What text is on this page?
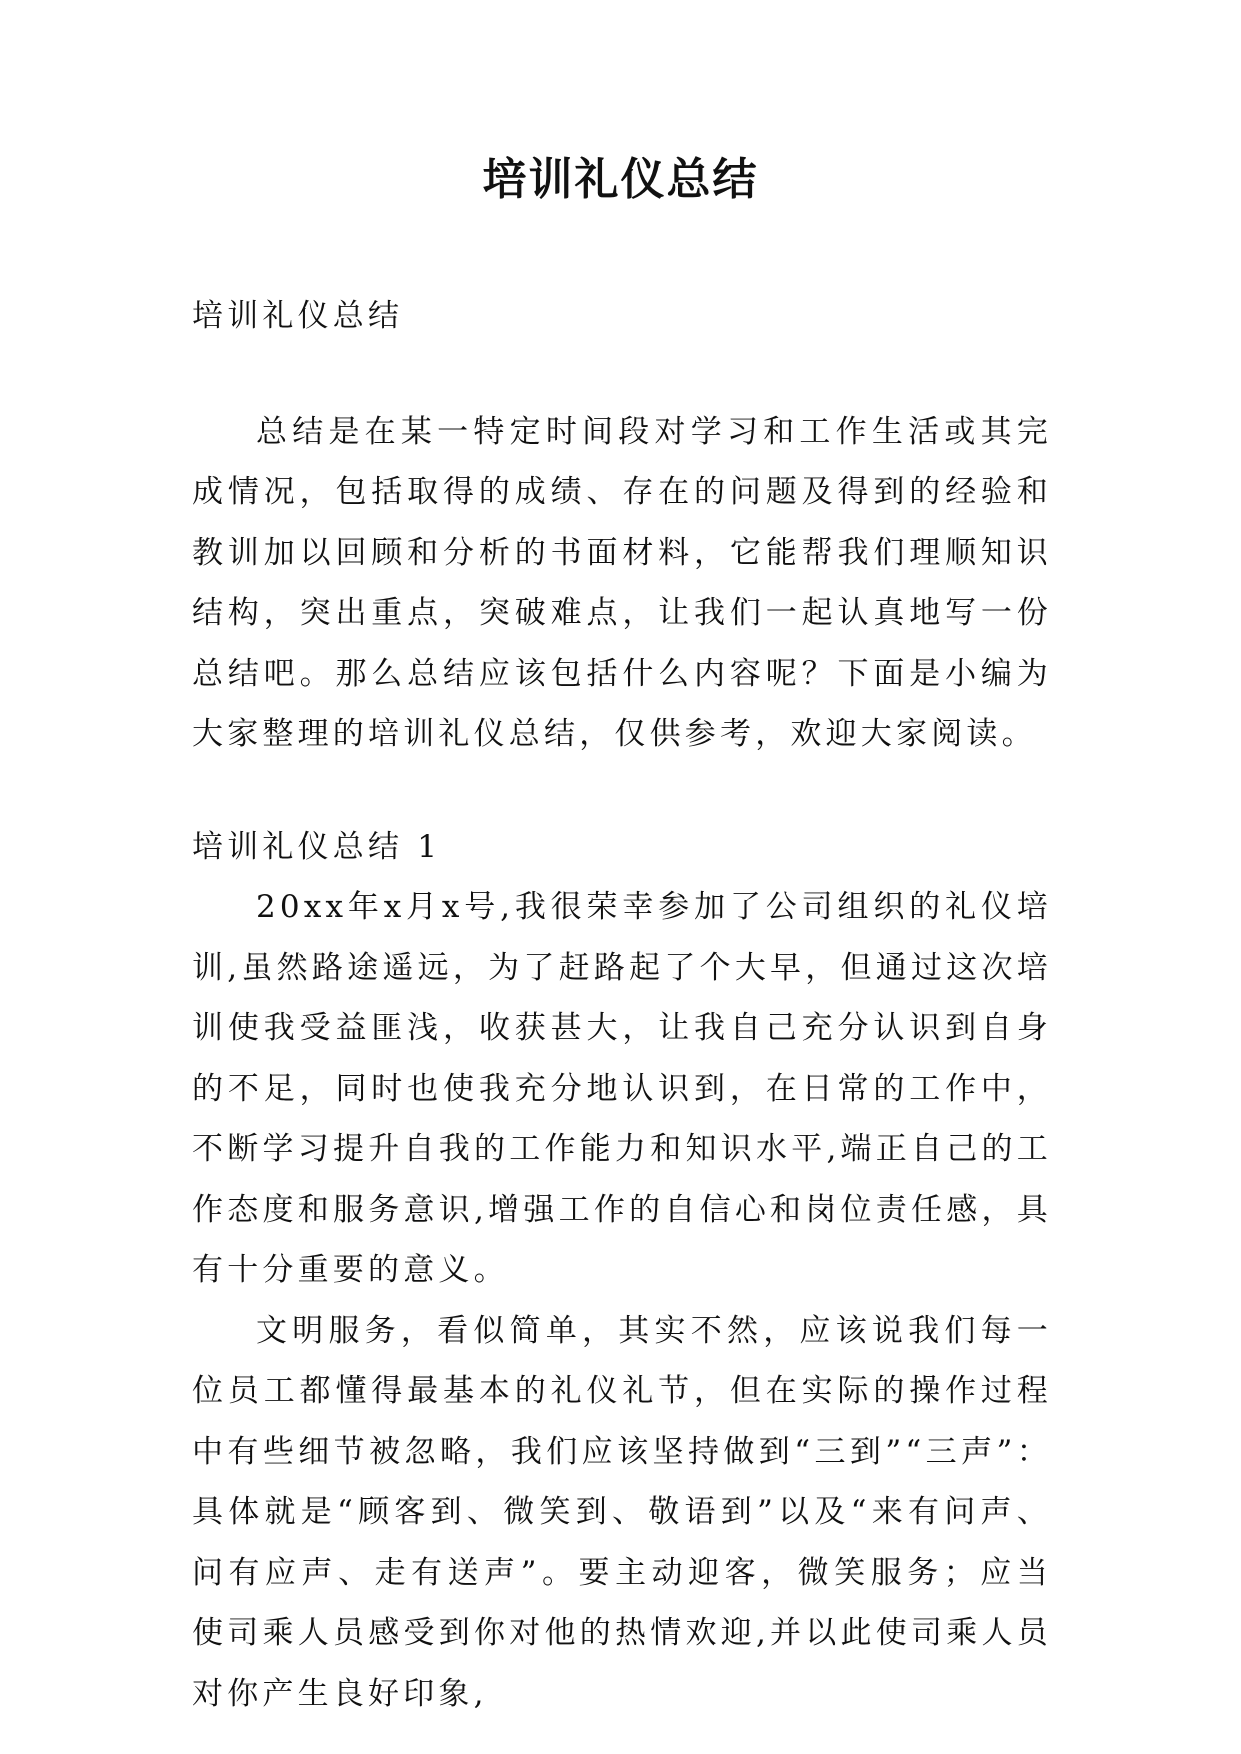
培训礼仪总结

培训礼仪总结

总结是在某一特定时间段对学习和工作生活或其完成情况，包括取得的成绩、存在的问题及得到的经验和教训加以回顾和分析的书面材料，它能帮我们理顺知识结构，突出重点，突破难点，让我们一起认真地写一份总结吧。那么总结应该包括什么内容呢？下面是小编为大家整理的培训礼仪总结，仅供参考，欢迎大家阅读。

培训礼仪总结 1

20xx年x月x号,我很荣幸参加了公司组织的礼仪培训,虽然路途遥远，为了赶路起了个大早，但通过这次培训使我受益匪浅，收获甚大，让我自己充分认识到自身的不足，同时也使我充分地认识到，在日常的工作中，不断学习提升自我的工作能力和知识水平,端正自己的工作态度和服务意识,增强工作的自信心和岗位责任感，具有十分重要的意义。

文明服务，看似简单，其实不然，应该说我们每一位员工都懂得最基本的礼仪礼节，但在实际的操作过程中有些细节被忽略，我们应该坚持做到“三到”“三声”：具体就是“顾客到、微笑到、敬语到”以及“来有问声、问有应声、走有送声”。要主动迎客，微笑服务；应当使司乘人员感受到你对他的热情欢迎,并以此使司乘人员对你产生良好印象,
